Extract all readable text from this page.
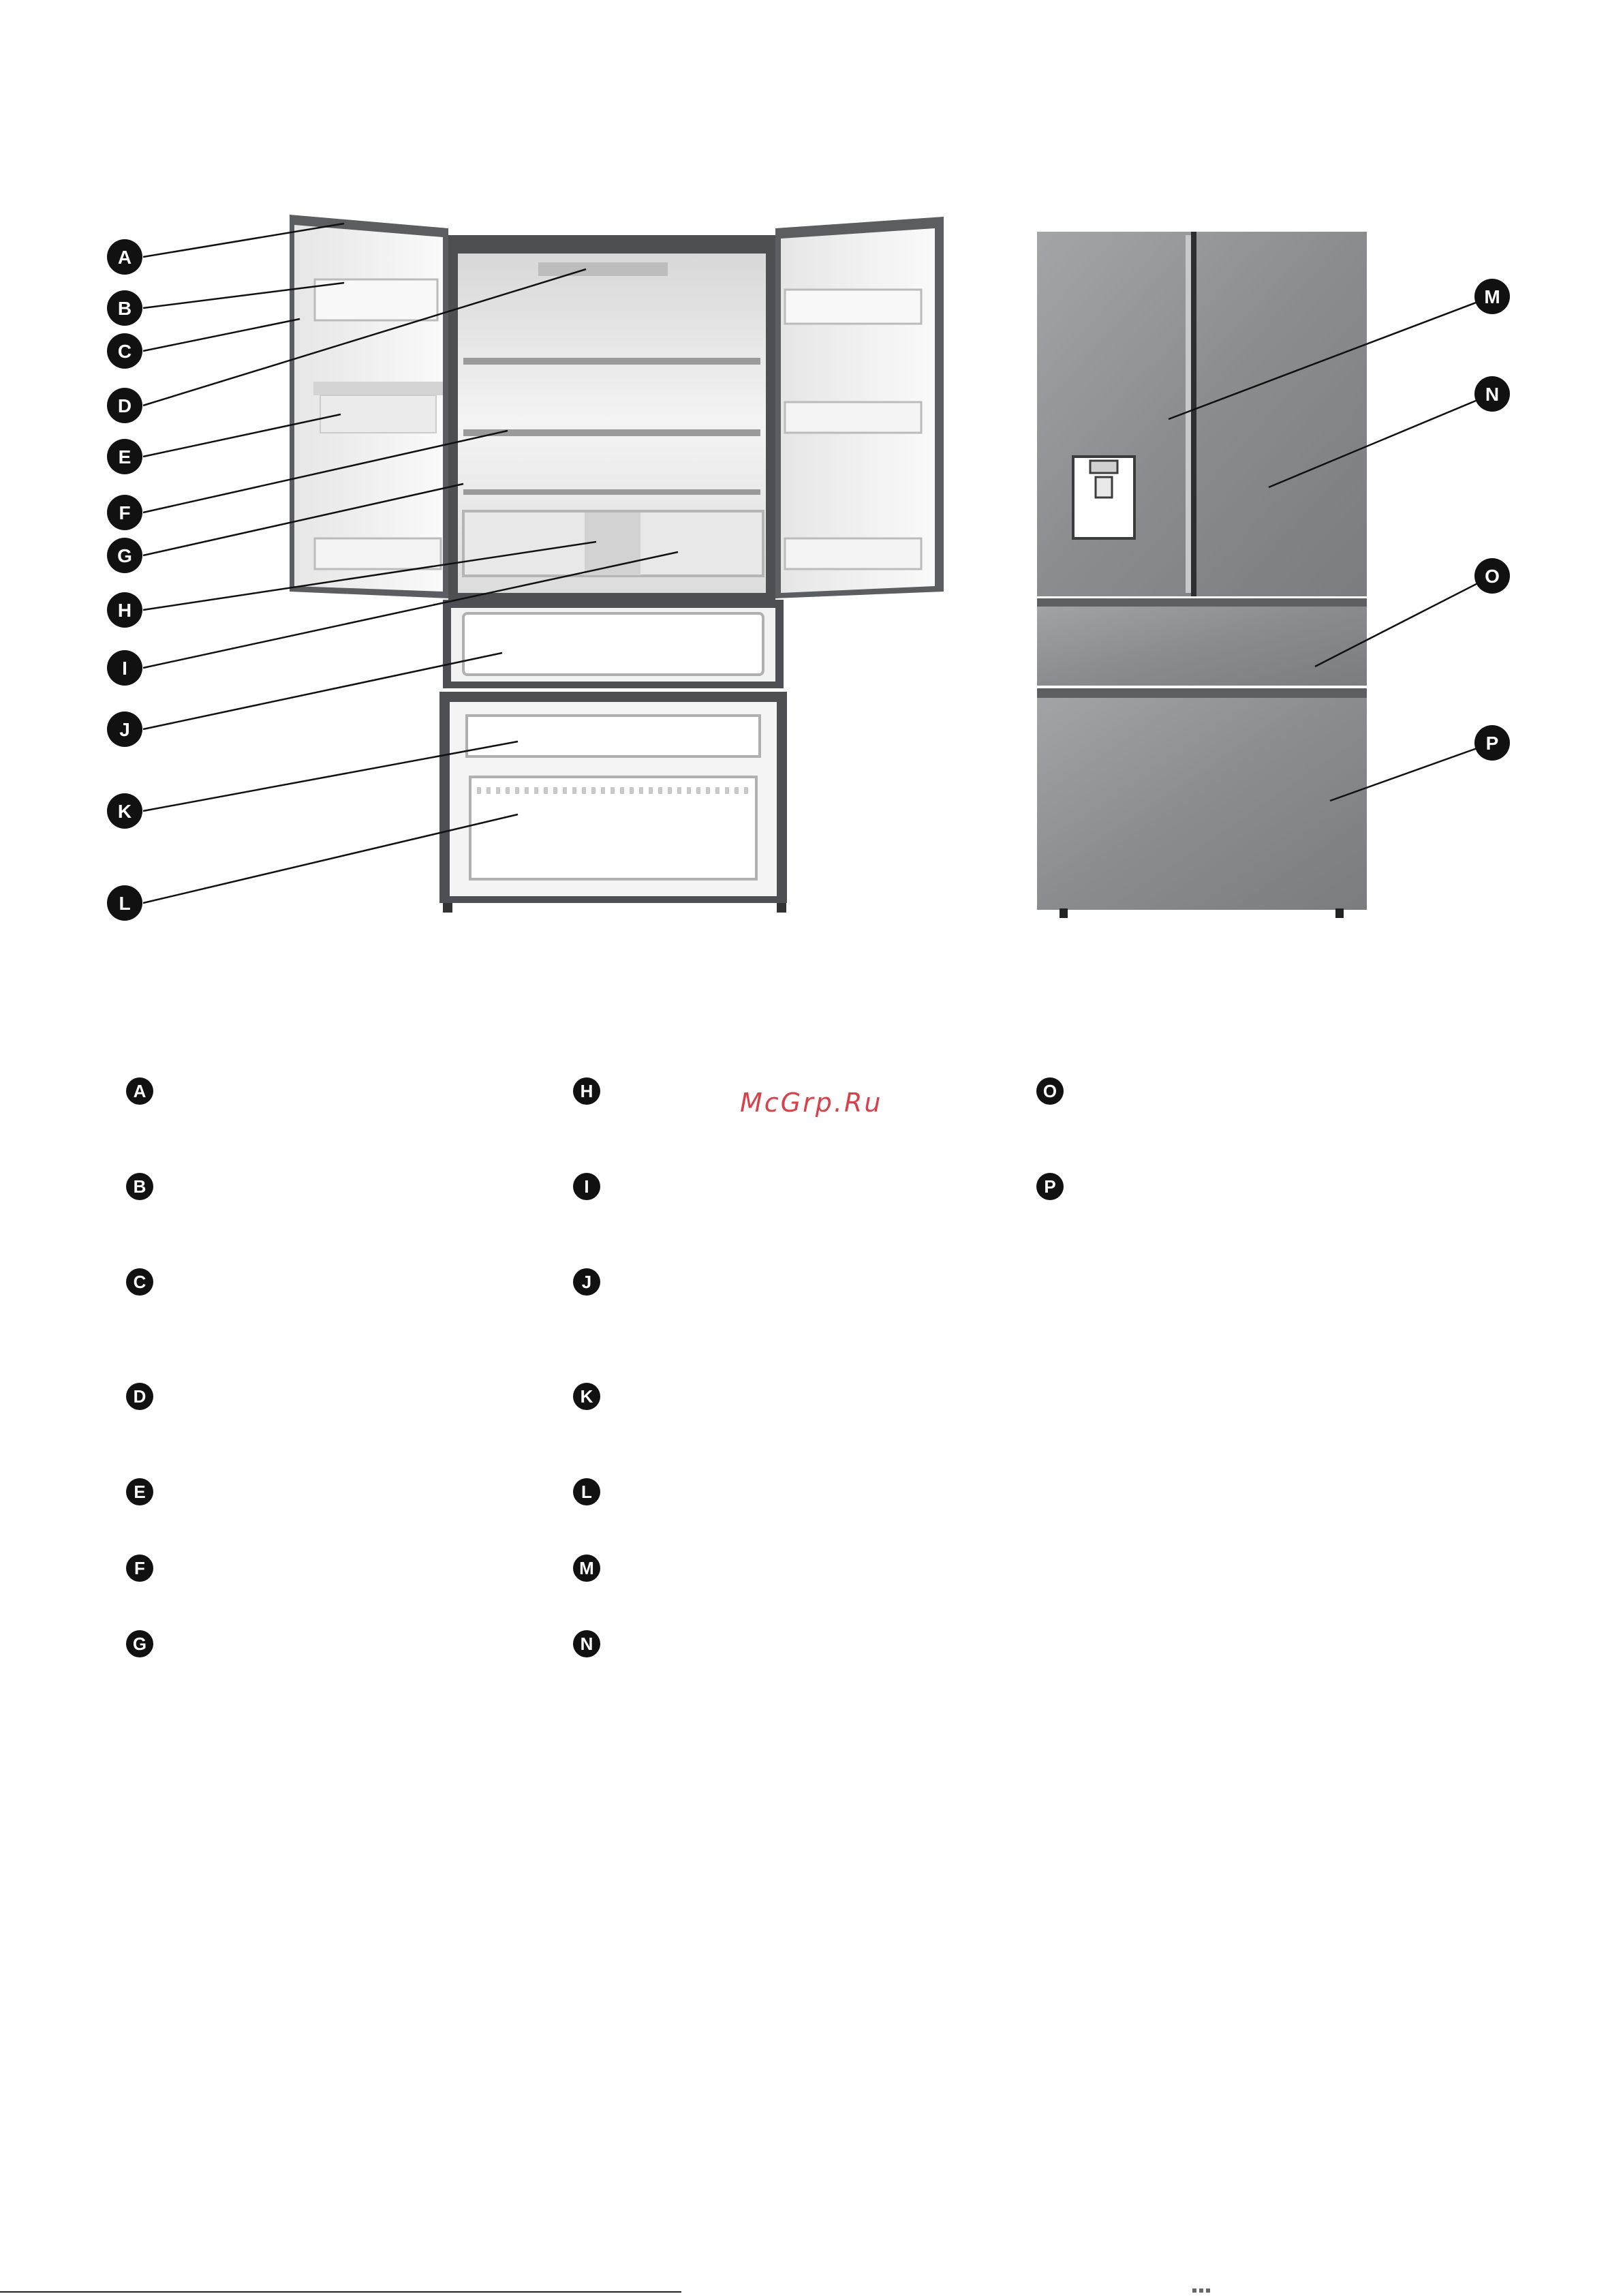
A
B
C
D
E
F
G
H
I
J
K
L
M
N
O
P
A
B
C
D
E
F
G
H
I
J
K
L
M
N
O
P
McGrp.Ru
